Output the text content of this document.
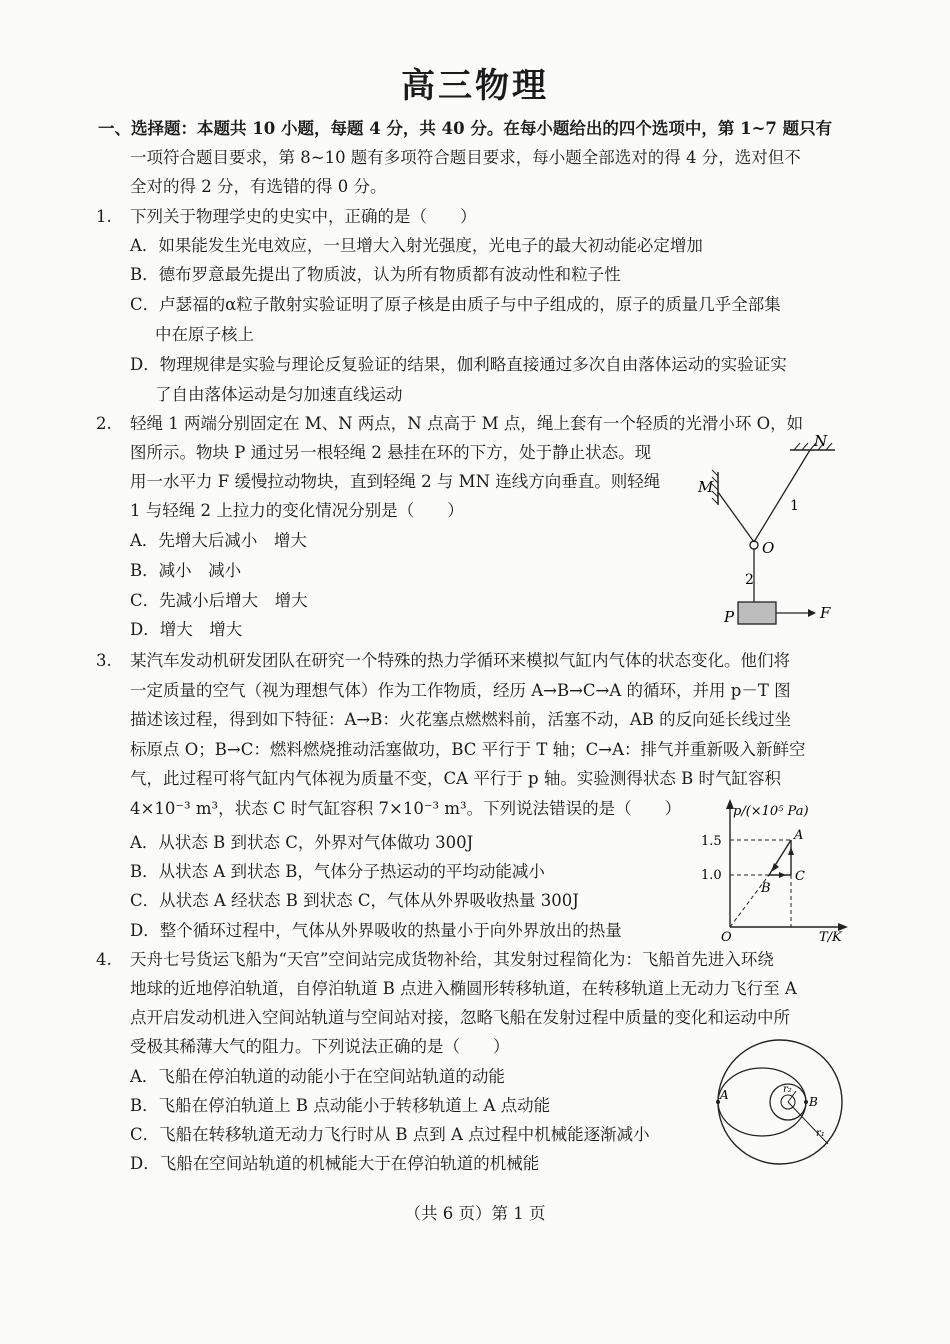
高三物理
一、选择题：本题共 10 小题，每题 4 分，共 40 分。在每小题给出的四个选项中，第 1~7 题只有
一项符合题目要求，第 8~10 题有多项符合题目要求，每小题全部选对的得 4 分，选对但不
全对的得 2 分，有选错的得 0 分。
1. 下列关于物理学史的史实中，正确的是（　　）
A．如果能发生光电效应，一旦增大入射光强度，光电子的最大初动能必定增加
B．德布罗意最先提出了物质波，认为所有物质都有波动性和粒子性
C．卢瑟福的α粒子散射实验证明了原子核是由质子与中子组成的，原子的质量几乎全部集
中在原子核上
D．物理规律是实验与理论反复验证的结果，伽利略直接通过多次自由落体运动的实验证实
了自由落体运动是匀加速直线运动
2. 轻绳 1 两端分别固定在 M、N 两点，N 点高于 M 点，绳上套有一个轻质的光滑小环 O，如
图所示。物块 P 通过另一根轻绳 2 悬挂在环的下方，处于静止状态。现
用一水平力 F 缓慢拉动物块，直到轻绳 2 与 MN 连线方向垂直。则轻绳
1 与轻绳 2 上拉力的变化情况分别是（　　）
A．先增大后减小　增大
B．减小　减小
C．先减小后增大　增大
D．增大　增大
M
N
O
1
2
P	F
3. 某汽车发动机研发团队在研究一个特殊的热力学循环来模拟气缸内气体的状态变化。他们将
一定质量的空气（视为理想气体）作为工作物质，经历 A→B→C→A 的循环，并用 p－T 图
描述该过程，得到如下特征：A→B：火花塞点燃燃料前，活塞不动，AB 的反向延长线过坐
标原点 O；B→C：燃料燃烧推动活塞做功，BC 平行于 T 轴；C→A：排气并重新吸入新鲜空
气，此过程可将气缸内气体视为质量不变，CA 平行于 p 轴。实验测得状态 B 时气缸容积
4×10⁻³ m³，状态 C 时气缸容积 7×10⁻³ m³。下列说法错误的是（　　）
A．从状态 B 到状态 C，外界对气体做功 300J
B．从状态 A 到状态 B，气体分子热运动的平均动能减小
C．从状态 A 经状态 B 到状态 C，气体从外界吸收热量 300J
D．整个循环过程中，气体从外界吸收的热量小于向外界放出的热量
p/(×10⁵ Pa)
T/K
O
1.5
1.0
A
B
C
4. 天舟七号货运飞船为“天宫”空间站完成货物补给，其发射过程简化为：飞船首先进入环绕
地球的近地停泊轨道，自停泊轨道 B 点进入椭圆形转移轨道，在转移轨道上无动力飞行至 A
点开启发动机进入空间站轨道与空间站对接，忽略飞船在发射过程中质量的变化和运动中所
受极其稀薄大气的阻力。下列说法正确的是（　　）
A．飞船在停泊轨道的动能小于在空间站轨道的动能
B．飞船在停泊轨道上 B 点动能小于转移轨道上 A 点动能
C．飞船在转移轨道无动力飞行时从 B 点到 A 点过程中机械能逐渐减小
D．飞船在空间站轨道的机械能大于在停泊轨道的机械能
A	B
r₂
r₁
（共 6 页）第 1 页
